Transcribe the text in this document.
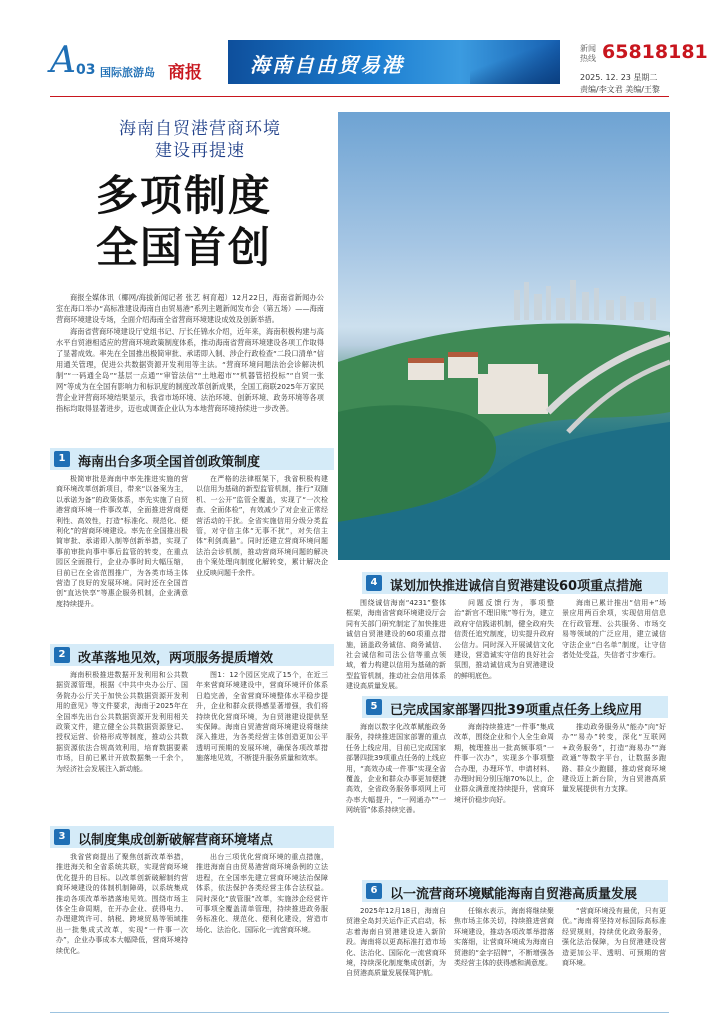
A 03 国际旅游岛 商报 海南自由贸易港
新闻热线 65818181
2025. 12. 23 星期二
责编/李文君 美编/王黎
海南自贸港营商环境
建设再提速
多项制度
全国首创

商报全媒体讯（椰网/海拔新闻记者 张艺 柯育超）12月22日，海南省新闻办公室在海口举办“高标准建设海南自由贸易港”系列主题新闻发布会（第五场）——海南营商环境建设专场，全面介绍海南全省营商环境建设成效及创新举措。

海南省营商环境建设厅党组书记、厅长任锦水介绍，近年来，海南积极构建与高水平自贸港相适应的营商环境政策制度体系，推动海南省营商环境建设各项工作取得了显著成效。率先在全国推出极简审批、承诺即入制、涉企行政检查“二段口清单”信用通关管理，促进公共数据资源开发利用等主法。“营商环境问题法治会诊解决机制”“一码通全岛”“基层一点通”“审管法信”“土地超市”“机器管招投标”“自贸一张网”等成为在全国有影响力和标识度的制度改革创新成果，全国工商联2025年万家民营企业评营商环境结果显示，我省市场环境、法治环境、创新环境、政务环境等各项指标均取得显著进步，迈也或调查企业认为本地营商环境持续进一步改善。

1 海南出台多项全国首创政策制度

极简审批是海南中率先推进实施的营商环境改革创新项目，带来“以备案为主，以承诺为备”的政策体系，率先实施了自贸港营商环境一件事改革，全面推进营商便利性、高效性，打造“标准化、规范化、便利化”的营商环境建设。率先在全国推出极简审批、承诺即入制等创新举措，实现了事前审批向事中事后监管的转变，在重点园区全面推行，企业办事时间大幅压缩，目前已在全省范围推广，为各类市场主体营造了良好的发展环境。同时还在全国首创“直达快享”等惠企服务机制，企业满意度持续提升。

在严格的法律框架下，我省积极构建以信用为基础的新型监管机制，推行“双随机、一公开”监管全覆盖，实现了“一次检查、全面体检”，有效减少了对企业正常经营活动的干扰。全省实施信用分级分类监管，对守信主体“无事不扰”，对失信主体“利剑高悬”。同时还建立营商环境问题法治会诊机制，推动营商环境问题的解决由个案处理向制度化解转变，累计解决企业反映问题千余件。

2 改革落地见效，两项服务提质增效

海南积极推进数据开发利用和公共数据资源管理，根据《中共中央办公厅、国务院办公厅关于加快公共数据资源开发利用的意见》等文件要求，海南于2025年在全国率先出台公共数据资源开发利用相关政策文件，建立健全公共数据资源登记、授权运营、价格形成等制度，推动公共数据资源依法合规高效利用，培育数据要素市场，目前已累计开放数据集一千余个，为经济社会发展注入新动能。

图1：12个园区完成了15个，在近三年来营商环境建设中，营商环境评价体系日趋完善，全省营商环境整体水平稳步提升，企业和群众获得感显著增强，我们将持续优化营商环境，为自贸港建设提供坚实保障。海南自贸港营商环境建设将继续深入推进，为各类经营主体创造更加公平透明可预期的发展环境，确保各项改革措施落地见效，不断提升服务质量和效率。

3 以制度集成创新破解营商环境堵点

我省营商提出了聚焦创新改革举措，推进海关和全省系统共联，实现营商环境优化提升的目标。以改革创新破解制约营商环境建设的体制机制障碍，以系统集成推动各项改革举措落地见效。围绕市场主体全生命周期，在开办企业、获得电力、办理建筑许可、纳税、跨境贸易等领域推出一批集成式改革，实现“一件事一次办”，企业办事成本大幅降低，营商环境持续优化。

出台三项优化营商环境的重点措施，推进海南自由贸易港营商环境条例的立法进程，在全国率先建立营商环境法治保障体系，依法保护各类经营主体合法权益。同时深化“放管服”改革，实施涉企经营许可事项全覆盖清单管理，持续推进政务服务标准化、规范化、便利化建设，营造市场化、法治化、国际化一流营商环境。

4 谋划加快推进诚信自贸港建设60项重点措施

围绕诚信海南“4231”整体框架，海南省营商环境建设厅会同有关部门研究制定了加快推进诚信自贸港建设的60项重点措施，涵盖政务诚信、商务诚信、社会诚信和司法公信等重点领域，着力构建以信用为基础的新型监管机制，推动社会信用体系建设高质量发展。

问题反馈行为，事项整治“新官不理旧账”等行为，建立政府守信践诺机制，健全政府失信责任追究制度，切实提升政府公信力。同时深入开展诚信文化建设，营造诚实守信的良好社会氛围，推动诚信成为自贸港建设的鲜明底色。

海南已累计推出“信用+”场景应用两百余项，实现信用信息在行政管理、公共服务、市场交易等领域的广泛应用，建立诚信守法企业“白名单”制度，让守信者处处受益，失信者寸步难行。

5 已完成国家部署四批39项重点任务上线应用

海南以数字化改革赋能政务服务，持续推进国家部署的重点任务上线应用，目前已完成国家部署四批39项重点任务的上线应用，“高效办成一件事”实现全省覆盖，企业和群众办事更加便捷高效，全省政务服务事项网上可办率大幅提升，“一网通办”“一网统管”体系持续完善。

海南持续推进“一件事”集成改革，围绕企业和个人全生命周期，梳理推出一批高频事项“一件事一次办”，实现多个事项整合办理，办理环节、申请材料、办理时间分别压缩70%以上，企业群众满意度持续提升，营商环境评价稳步向好。

推动政务服务从“能办”向“好办”“易办”转变，深化“互联网+政务服务”，打造“海易办”“海政通”等数字平台，让数据多跑路、群众少跑腿，推动营商环境建设迈上新台阶，为自贸港高质量发展提供有力支撑。

6 以一流营商环境赋能海南自贸港高质量发展

2025年12月18日，海南自贸港全岛封关运作正式启动，标志着海南自贸港建设进入新阶段。海南将以更高标准打造市场化、法治化、国际化一流营商环境，持续深化制度集成创新，为自贸港高质量发展保驾护航。

任锦水表示，海南将继续聚焦市场主体关切，持续推进营商环境建设，推动各项改革举措落实落细，让营商环境成为海南自贸港的“金字招牌”，不断增强各类经营主体的获得感和满意度。

“营商环境没有最优，只有更优。”海南将坚持对标国际高标准经贸规则，持续优化政务服务，强化法治保障，为自贸港建设营造更加公平、透明、可预期的营商环境。
